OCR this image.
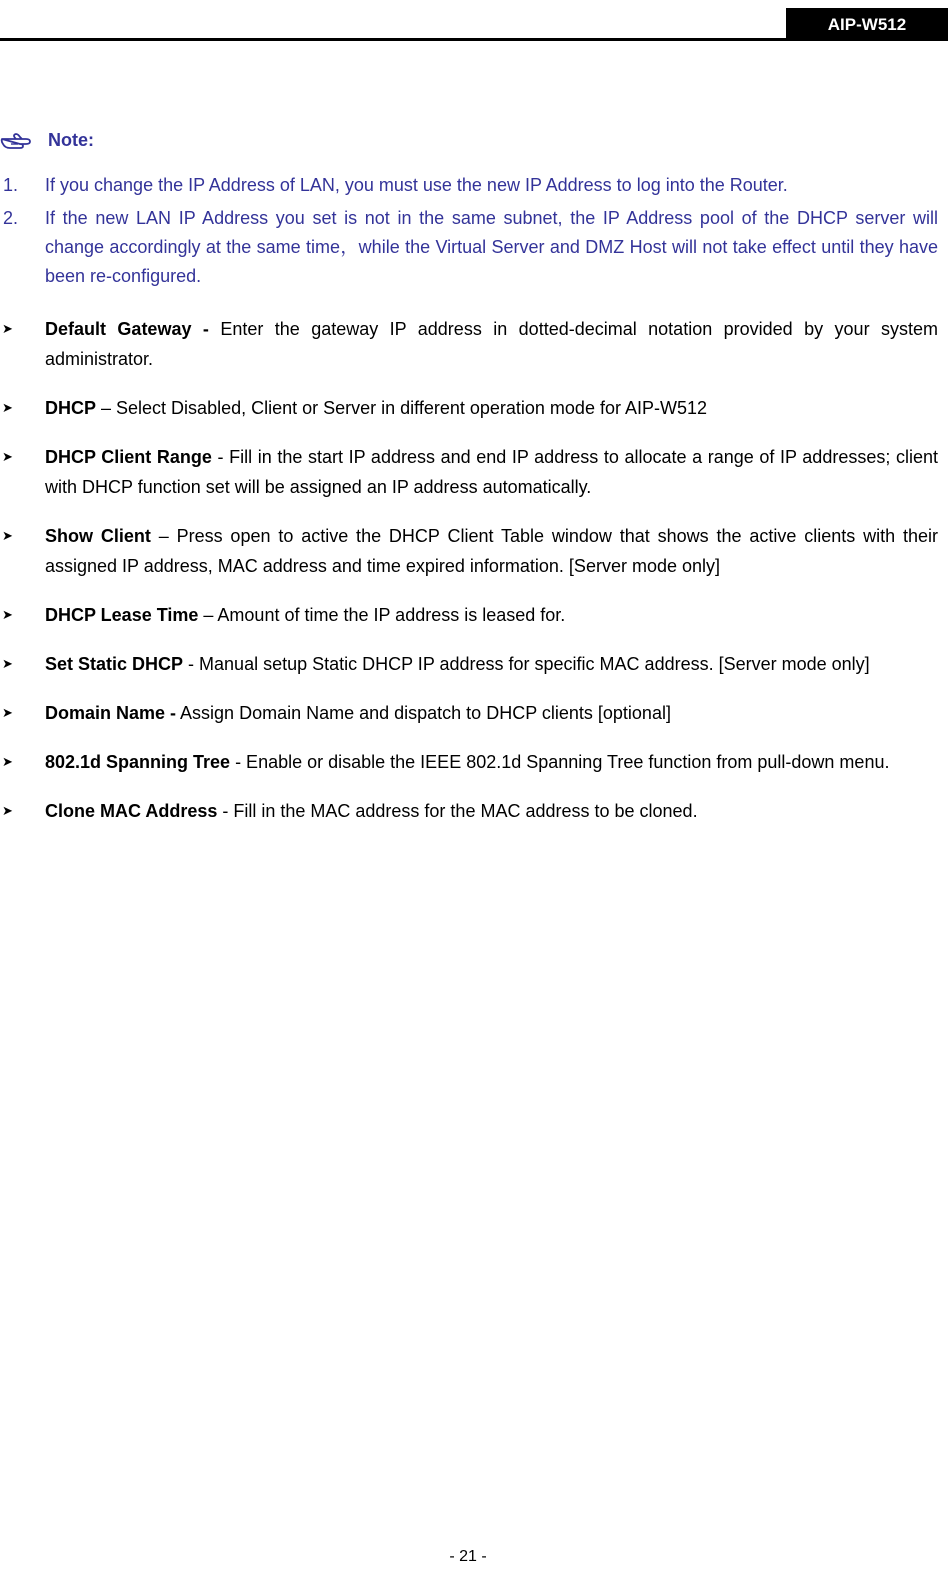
AIP-W512
Note:
1.	If you change the IP Address of LAN, you must use the new IP Address to log into the Router.
2.	If the new LAN IP Address you set is not in the same subnet, the IP Address pool of the DHCP server will change accordingly at the same time，while the Virtual Server and DMZ Host will not take effect until they have been re-configured.
➤	Default Gateway - Enter the gateway IP address in dotted-decimal notation provided by your system administrator.
➤	DHCP – Select Disabled, Client or Server in different operation mode for AIP-W512
➤	DHCP Client Range - Fill in the start IP address and end IP address to allocate a range of IP addresses; client with DHCP function set will be assigned an IP address automatically.
➤	Show Client – Press open to active the DHCP Client Table window that shows the active clients with their assigned IP address, MAC address and time expired information. [Server mode only]
➤	DHCP Lease Time – Amount of time the IP address is leased for.
➤	Set Static DHCP - Manual setup Static DHCP IP address for specific MAC address. [Server mode only]
➤	Domain Name - Assign Domain Name and dispatch to DHCP clients [optional]
➤	802.1d Spanning Tree - Enable or disable the IEEE 802.1d Spanning Tree function from pull-down menu.
➤	Clone MAC Address - Fill in the MAC address for the MAC address to be cloned.
- 21 -
